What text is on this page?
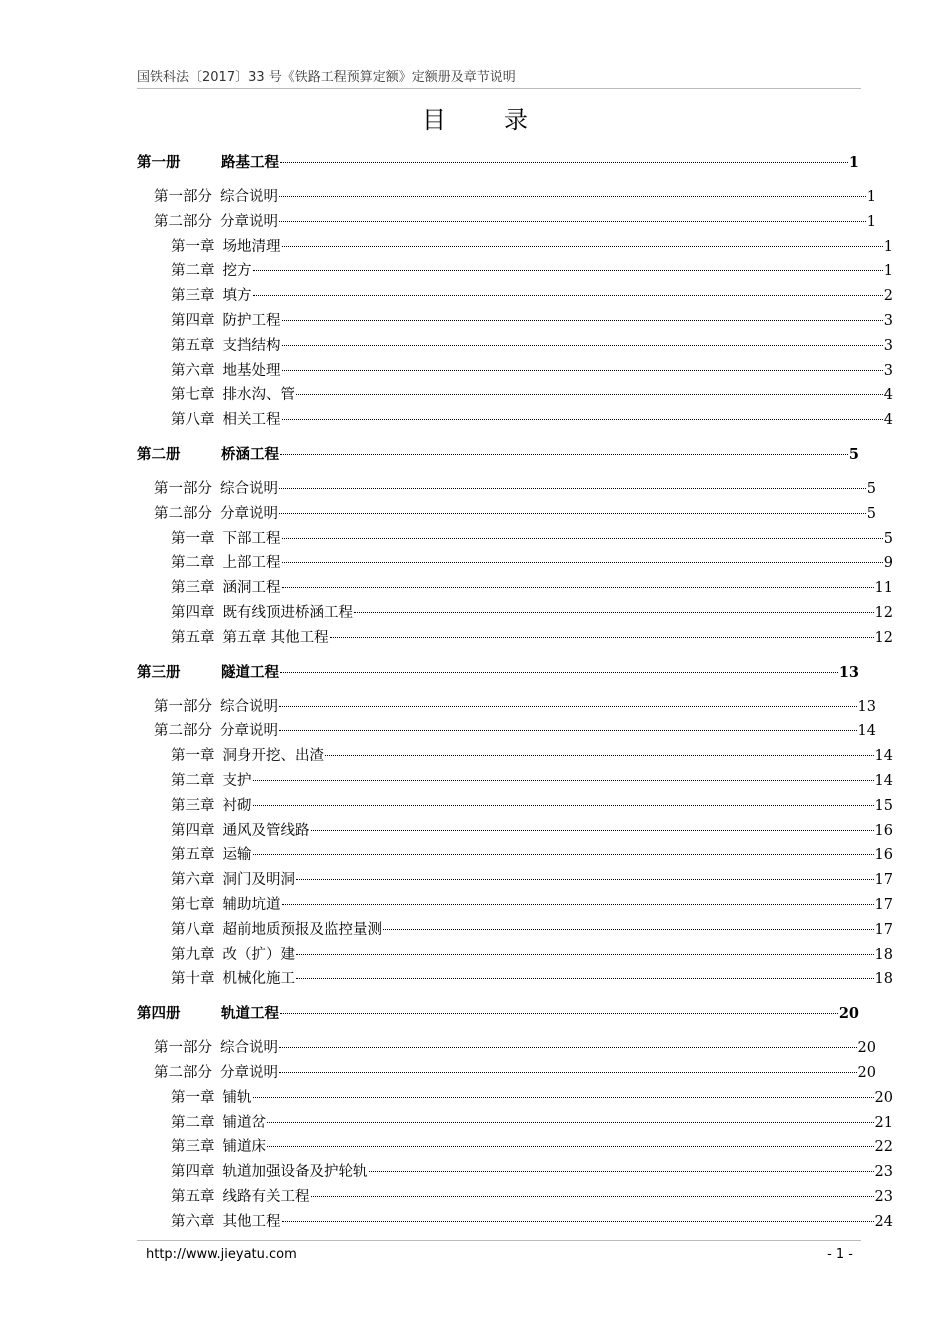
国铁科法〔2017〕33 号《铁路工程预算定额》定额册及章节说明
目录
第一册	路基工程	1
第一部分 综合说明	1
第二部分 分章说明	1
第一章 场地清理	1
第二章 挖方	1
第三章 填方	2
第四章 防护工程	3
第五章 支挡结构	3
第六章 地基处理	3
第七章 排水沟、管	4
第八章 相关工程	4
第二册	桥涵工程	5
第一部分 综合说明	5
第二部分 分章说明	5
第一章 下部工程	5
第二章 上部工程	9
第三章 涵洞工程	11
第四章 既有线顶进桥涵工程	12
第五章 第五章 其他工程	12
第三册	隧道工程	13
第一部分 综合说明	13
第二部分 分章说明	14
第一章 洞身开挖、出渣	14
第二章 支护	14
第三章 衬砌	15
第四章 通风及管线路	16
第五章 运输	16
第六章 洞门及明洞	17
第七章 辅助坑道	17
第八章 超前地质预报及监控量测	17
第九章 改（扩）建	18
第十章 机械化施工	18
第四册	轨道工程	20
第一部分 综合说明	20
第二部分 分章说明	20
第一章 铺轨	20
第二章 铺道岔	21
第三章 铺道床	22
第四章 轨道加强设备及护轮轨	23
第五章 线路有关工程	23
第六章 其他工程	24
http://www.jieyatu.com	- 1 -
